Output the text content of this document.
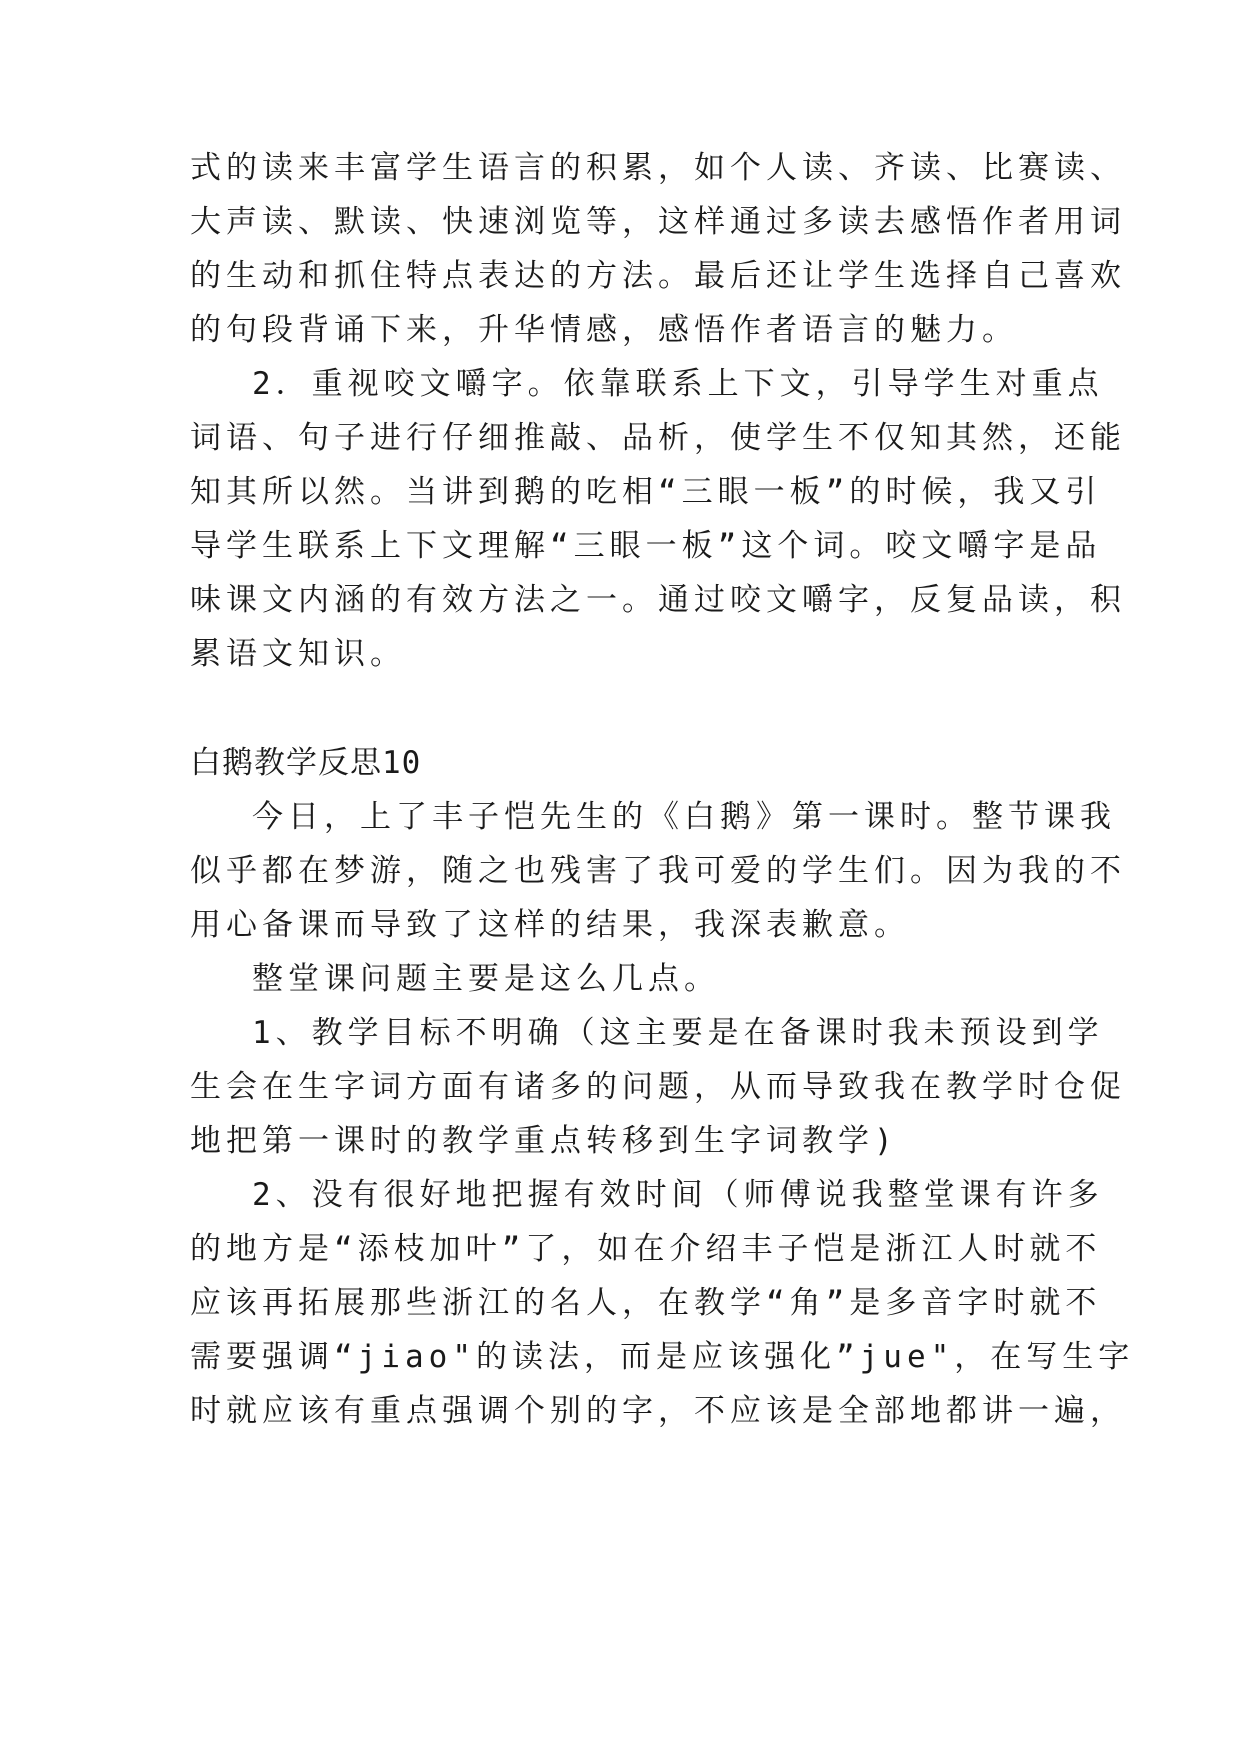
式的读来丰富学生语言的积累，如个人读、齐读、比赛读、
大声读、默读、快速浏览等，这样通过多读去感悟作者用词
的生动和抓住特点表达的方法。最后还让学生选择自己喜欢
的句段背诵下来，升华情感，感悟作者语言的魅力。
2．重视咬文嚼字。依靠联系上下文，引导学生对重点
词语、句子进行仔细推敲、品析，使学生不仅知其然，还能
知其所以然。当讲到鹅的吃相“三眼一板”的时候，我又引
导学生联系上下文理解“三眼一板”这个词。咬文嚼字是品
味课文内涵的有效方法之一。通过咬文嚼字，反复品读，积
累语文知识。
白鹅教学反思10
今日，上了丰子恺先生的《白鹅》第一课时。整节课我
似乎都在梦游，随之也残害了我可爱的学生们。因为我的不
用心备课而导致了这样的结果，我深表歉意。
整堂课问题主要是这么几点。
1、教学目标不明确（这主要是在备课时我未预设到学
生会在生字词方面有诸多的问题，从而导致我在教学时仓促
地把第一课时的教学重点转移到生字词教学)
2、没有很好地把握有效时间（师傅说我整堂课有许多
的地方是“添枝加叶”了，如在介绍丰子恺是浙江人时就不
应该再拓展那些浙江的名人，在教学“角”是多音字时就不
需要强调“jiao"的读法，而是应该强化”jue"，在写生字
时就应该有重点强调个别的字，不应该是全部地都讲一遍，
